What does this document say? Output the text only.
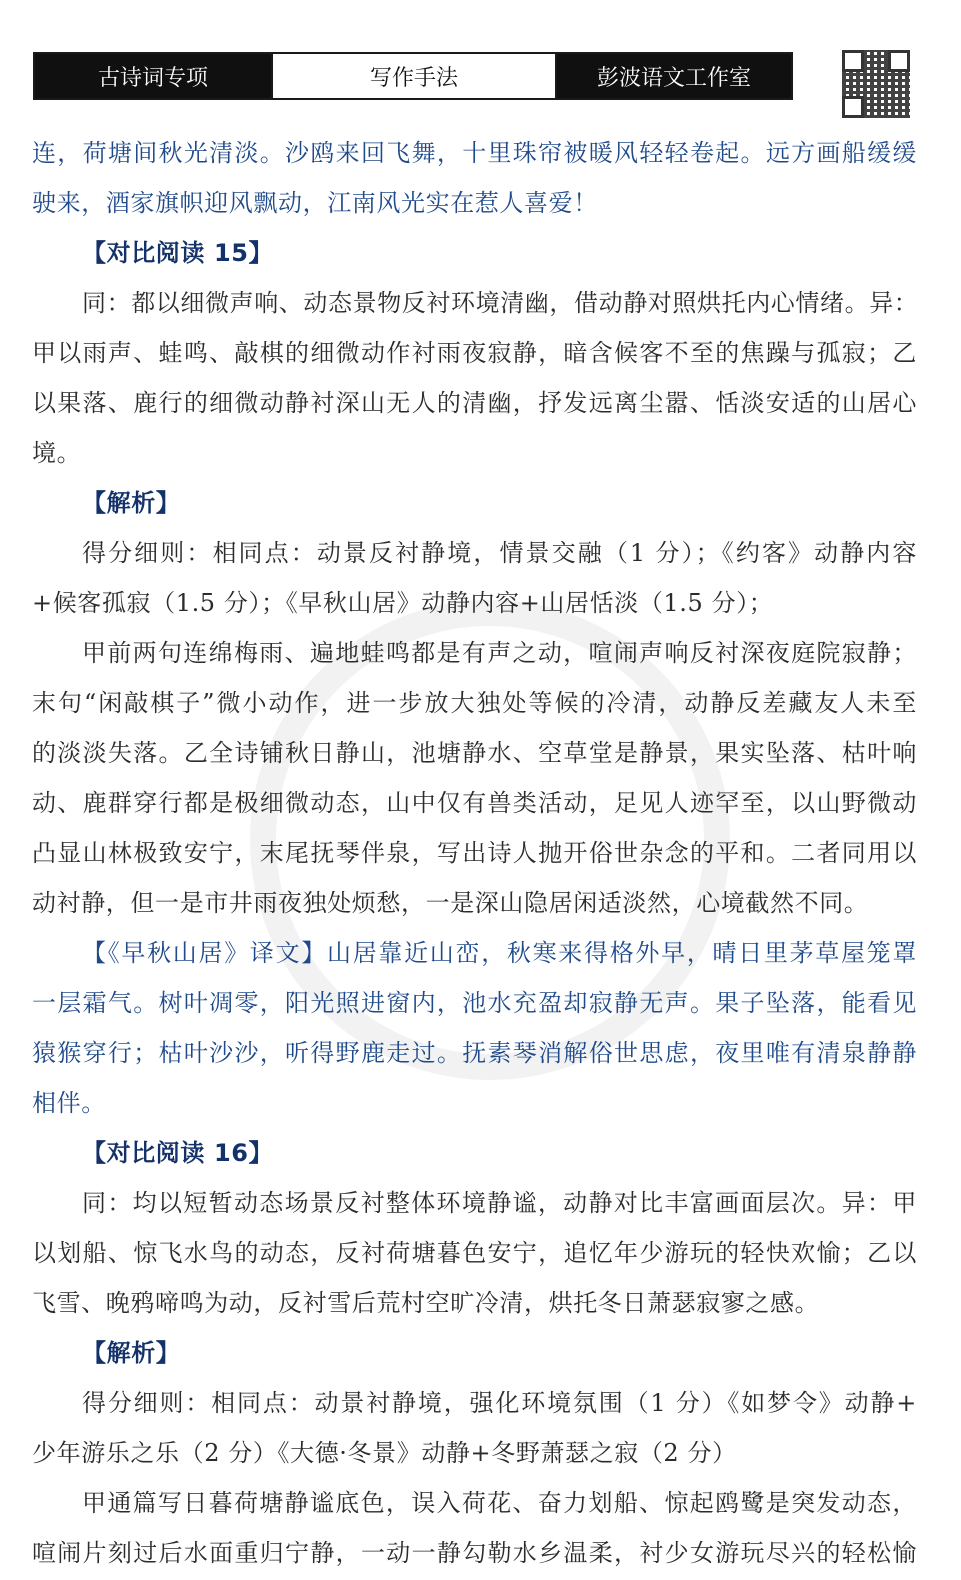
古诗词专项	写作手法	彭波语文工作室
连，荷塘间秋光清淡。沙鸥来回飞舞，十里珠帘被暖风轻轻卷起。远方画船缓缓
驶来，酒家旗帜迎风飘动，江南风光实在惹人喜爱！
【对比阅读 15】
同：都以细微声响、动态景物反衬环境清幽，借动静对照烘托内心情绪。异：
甲以雨声、蛙鸣、敲棋的细微动作衬雨夜寂静，暗含候客不至的焦躁与孤寂；乙
以果落、鹿行的细微动静衬深山无人的清幽，抒发远离尘嚣、恬淡安适的山居心
境。
【解析】
得分细则：相同点：动景反衬静境，情景交融（1 分）；《约客》动静内容
+候客孤寂（1.5 分）；《早秋山居》动静内容+山居恬淡（1.5 分）；
甲前两句连绵梅雨、遍地蛙鸣都是有声之动，喧闹声响反衬深夜庭院寂静；
末句“闲敲棋子”微小动作，进一步放大独处等候的冷清，动静反差藏友人未至
的淡淡失落。乙全诗铺秋日静山，池塘静水、空草堂是静景，果实坠落、枯叶响
动、鹿群穿行都是极细微动态，山中仅有兽类活动，足见人迹罕至，以山野微动
凸显山林极致安宁，末尾抚琴伴泉，写出诗人抛开俗世杂念的平和。二者同用以
动衬静，但一是市井雨夜独处烦愁，一是深山隐居闲适淡然，心境截然不同。
【《早秋山居》译文】山居靠近山峦，秋寒来得格外早，晴日里茅草屋笼罩
一层霜气。树叶凋零，阳光照进窗内，池水充盈却寂静无声。果子坠落，能看见
猿猴穿行；枯叶沙沙，听得野鹿走过。抚素琴消解俗世思虑，夜里唯有清泉静静
相伴。
【对比阅读 16】
同：均以短暂动态场景反衬整体环境静谧，动静对比丰富画面层次。异：甲
以划船、惊飞水鸟的动态，反衬荷塘暮色安宁，追忆年少游玩的轻快欢愉；乙以
飞雪、晚鸦啼鸣为动，反衬雪后荒村空旷冷清，烘托冬日萧瑟寂寥之感。
【解析】
得分细则：相同点：动景衬静境，强化环境氛围（1 分）《如梦令》动静+
少年游乐之乐（2 分）《大德·冬景》动静+冬野萧瑟之寂（2 分）
甲通篇写日暮荷塘静谧底色，误入荷花、奋力划船、惊起鸥鹭是突发动态，
喧闹片刻过后水面重归宁静，一动一静勾勒水乡温柔，衬少女游玩尽兴的轻松愉
